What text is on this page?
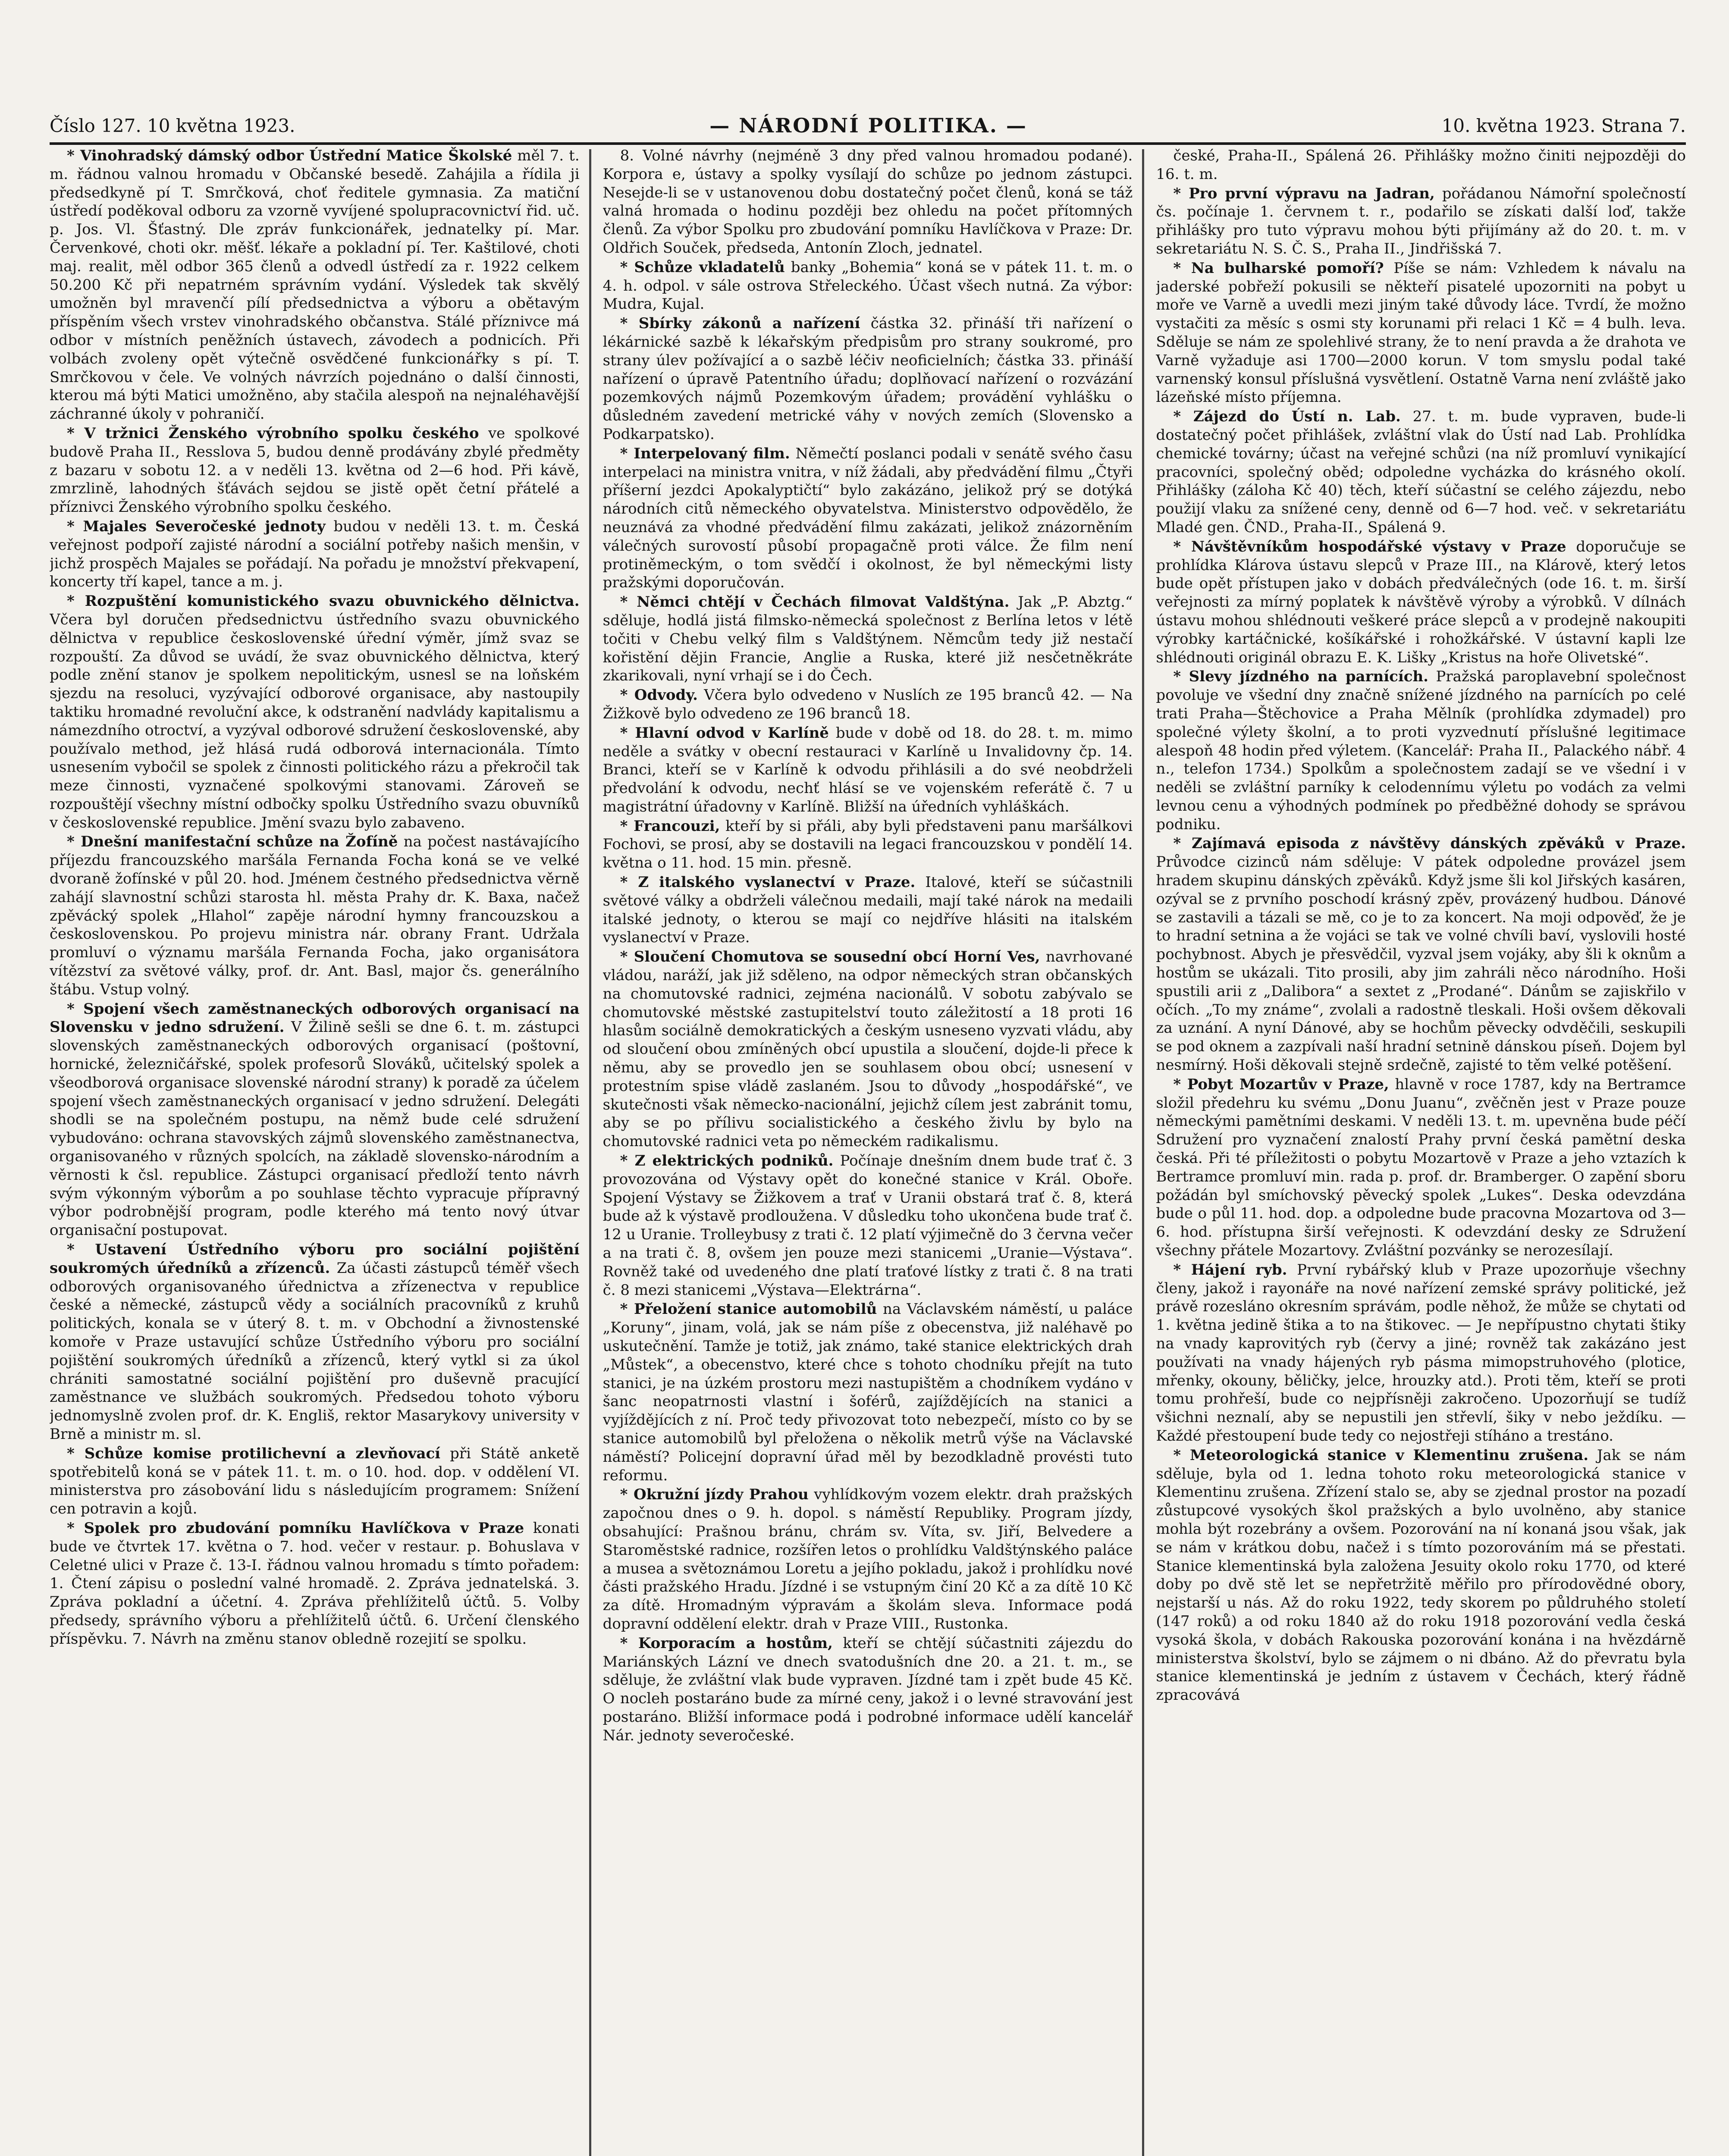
Číslo 127. 10 května 1923.	— NÁRODNÍ POLITIKA. —	10. května 1923. Strana 7.

* Vinohradský dámský odbor Ústřední Matice Školské měl 7. t. m. řádnou valnou hromadu v Občanské besedě. Zahájila a řídila ji předsedkyně pí T. Smrčková, choť ředitele gymnasia. Za matiční ústředí poděkoval odboru za vzorně vyvíjené spolupracovnictví řid. uč. p. Jos. Vl. Šťastný. Dle zpráv funkcionářek, jednatelky pí. Mar. Červenkové, choti okr. měšť. lékaře a pokladní pí. Ter. Kaštilové, choti maj. realit, měl odbor 365 členů a odvedl ústředí za r. 1922 celkem 50.200 Kč při nepatrném správním vydání. Výsledek tak skvělý umožněn byl mravenčí pílí předsednictva a výboru a obětavým příspěním všech vrstev vinohradského občanstva. Stálé příznivce má odbor v místních peněžních ústavech, závodech a podnicích. Při volbách zvoleny opět výtečně osvědčené funkcionářky s pí. T. Smrčkovou v čele. Ve volných návrzích pojednáno o další činnosti, kterou má býti Matici umožněno, aby stačila alespoň na nejnaléhavější záchranné úkoly v pohraničí.

* V tržnici Ženského výrobního spolku českého ve spolkové budově Praha II., Resslova 5, budou denně prodávány zbylé předměty z bazaru v sobotu 12. a v neděli 13. května od 2—6 hod. Při kávě, zmrzlině, lahodných šťávách sejdou se jistě opět četní přátelé a příznivci Ženského výrobního spolku českého.

* Majales Severočeské jednoty budou v neděli 13. t. m. Česká veřejnost podpoří zajisté národní a sociální potřeby našich menšin, v jichž prospěch Majales se pořádají. Na pořadu je množství překvapení, koncerty tří kapel, tance a m. j.

* Rozpuštění komunistického svazu obuvnického dělnictva. Včera byl doručen předsednictvu ústředního svazu obuvnického dělnictva v republice československé úřední výměr, jímž svaz se rozpouští. Za důvod se uvádí, že svaz obuvnického dělnictva, který podle znění stanov je spolkem nepolitickým, usnesl se na loňském sjezdu na resoluci, vyzývající odborové organisace, aby nastoupily taktiku hromadné revoluční akce, k odstranění nadvlády kapitalismu a námezdního otroctví, a vyzýval odborové sdružení československé, aby používalo method, jež hlásá rudá odborová internacionála. Tímto usnesením vybočil se spolek z činnosti politického rázu a překročil tak meze činnosti, vyznačené spolkovými stanovami. Zároveň se rozpouštějí všechny místní odbočky spolku Ústředního svazu obuvníků v československé republice. Jmění svazu bylo zabaveno.

* Dnešní manifestační schůze na Žofíně na počest nastávajícího příjezdu francouzského maršála Fernanda Focha koná se ve velké dvoraně žofínské v půl 20. hod. Jménem čestného předsednictva věrně zahájí slavnostní schůzi starosta hl. města Prahy dr. K. Baxa, načež zpěvácký spolek „Hlahol“ zapěje národní hymny francouzskou a československou. Po projevu ministra nár. obrany Frant. Udržala promluví o významu maršála Fernanda Focha, jako organisátora vítězství za světové války, prof. dr. Ant. Basl, major čs. generálního štábu. Vstup volný.

* Spojení všech zaměstnaneckých odborových organisací na Slovensku v jedno sdružení. V Žilině sešli se dne 6. t. m. zástupci slovenských zaměstnaneckých odborových organisací (poštovní, hornické, železničářské, spolek profesorů Slováků, učitelský spolek a všeodborová organisace slovenské národní strany) k poradě za účelem spojení všech zaměstnaneckých organisací v jedno sdružení. Delegáti shodli se na společném postupu, na němž bude celé sdružení vybudováno: ochrana stavovských zájmů slovenského zaměstnanectva, organisovaného v různých spolcích, na základě slovensko-národním a věrnosti k čsl. republice. Zástupci organisací předloží tento návrh svým výkonným výborům a po souhlase těchto vypracuje přípravný výbor podrobnější program, podle kterého má tento nový útvar organisační postupovat.

* Ustavení Ústředního výboru pro sociální pojištění soukromých úředníků a zřízenců. Za účasti zástupců téměř všech odborových organisovaného úřednictva a zřízenectva v republice české a německé, zástupců vědy a sociálních pracovníků z kruhů politických, konala se v úterý 8. t. m. v Obchodní a živnostenské komoře v Praze ustavující schůze Ústředního výboru pro sociální pojištění soukromých úředníků a zřízenců, který vytkl si za úkol chrániti samostatné sociální pojištění pro duševně pracující zaměstnance ve službách soukromých. Předsedou tohoto výboru jednomyslně zvolen prof. dr. K. Engliš, rektor Masarykovy university v Brně a ministr m. sl.

* Schůze komise protilichevní a zlevňovací při Státě anketě spotřebitelů koná se v pátek 11. t. m. o 10. hod. dop. v oddělení VI. ministerstva pro zásobování lidu s následujícím programem: Snížení cen potravin a kojů.

* Spolek pro zbudování pomníku Havlíčkova v Praze konati bude ve čtvrtek 17. května o 7. hod. večer v restaur. p. Bohuslava v Celetné ulici v Praze č. 13-I. řádnou valnou hromadu s tímto pořadem: 1. Čtení zápisu o poslední valné hromadě. 2. Zpráva jednatelská. 3. Zpráva pokladní a účetní. 4. Zpráva přehlížitelů účtů. 5. Volby předsedy, správního výboru a přehlížitelů účtů. 6. Určení členského příspěvku. 7. Návrh na změnu stanov obledně rozejití se spolku.

8. Volné návrhy (nejméně 3 dny před valnou hromadou podané). Korpora e, ústavy a spolky vysílají do schůze po jednom zástupci. Nesejde-li se v ustanovenou dobu dostatečný počet členů, koná se táž valná hromada o hodinu později bez ohledu na počet přítomných členů. Za výbor Spolku pro zbudování pomníku Havlíčkova v Praze: Dr. Oldřich Souček, předseda, Antonín Zloch, jednatel.

* Schůze vkladatelů banky „Bohemia“ koná se v pátek 11. t. m. o 4. h. odpol. v sále ostrova Střeleckého. Účast všech nutná. Za výbor: Mudra, Kujal.

* Sbírky zákonů a nařízení částka 32. přináší tři nařízení o lékárnické sazbě k lékařským předpisům pro strany soukromé, pro strany úlev požívající a o sazbě léčiv neoficielních; částka 33. přináší nařízení o úpravě Patentního úřadu; doplňovací nařízení o rozvázání pozemkových nájmů Pozemkovým úřadem; provádění vyhlášku o důsledném zavedení metrické váhy v nových zemích (Slovensko a Podkarpatsko).

* Interpelovaný film. Němečtí poslanci podali v senátě svého času interpelaci na ministra vnitra, v níž žádali, aby předvádění filmu „Čtyři příšerní jezdci Apokalyptičtí“ bylo zakázáno, jelikož prý se dotýká národních citů německého obyvatelstva. Ministerstvo odpovědělo, že neuznává za vhodné předvádění filmu zakázati, jelikož znázorněním válečných surovostí působí propagačně proti válce. Že film není protiněmeckým, o tom svědčí i okolnost, že byl německými listy pražskými doporučován.

* Němci chtějí v Čechách filmovat Valdštýna. Jak „P. Abztg.“ sděluje, hodlá jistá filmsko-německá společnost z Berlína letos v létě točiti v Chebu velký film s Valdštýnem. Němcům tedy již nestačí kořistění dějin Francie, Anglie a Ruska, které již nesčetněkráte zkarikovali, nyní vrhají se i do Čech.

* Odvody. Včera bylo odvedeno v Nuslích ze 195 branců 42. — Na Žižkově bylo odvedeno ze 196 branců 18.

* Hlavní odvod v Karlíně bude v době od 18. do 28. t. m. mimo neděle a svátky v obecní restauraci v Karlíně u Invalidovny čp. 14. Branci, kteří se v Karlíně k odvodu přihlásili a do své neobdrželi předvolání k odvodu, nechť hlásí se ve vojenském referátě č. 7 u magistrátní úřadovny v Karlíně. Bližší na úředních vyhláškách.

* Francouzi, kteří by si přáli, aby byli představeni panu maršálkovi Fochovi, se prosí, aby se dostavili na legaci francouzskou v pondělí 14. května o 11. hod. 15 min. přesně.

* Z italského vyslanectví v Praze. Italové, kteří se súčastnili světové války a obdrželi válečnou medaili, mají také nárok na medaili italské jednoty, o kterou se mají co nejdříve hlásiti na italském vyslanectví v Praze.

* Sloučení Chomutova se sousední obcí Horní Ves, navrhované vládou, naráží, jak již sděleno, na odpor německých stran občanských na chomutovské radnici, zejména nacionálů. V sobotu zabývalo se chomutovské městské zastupitelství touto záležitostí a 18 proti 16 hlasům sociálně demokratických a českým usneseno vyzvati vládu, aby od sloučení obou zmíněných obcí upustila a sloučení, dojde-li přece k němu, aby se provedlo jen se souhlasem obou obcí; usnesení v protestním spise vládě zaslaném. Jsou to důvody „hospodářské“, ve skutečnosti však německo-nacionální, jejichž cílem jest zabránit tomu, aby se po přílivu socialistického a českého živlu by bylo na chomutovské radnici veta po německém radikalismu.

* Z elektrických podniků. Počínaje dnešním dnem bude trať č. 3 provozována od Výstavy opět do konečné stanice v Král. Oboře. Spojení Výstavy se Žižkovem a trať v Uranii obstará trať č. 8, která bude až k výstavě prodloužena. V důsledku toho ukončena bude trať č. 12 u Uranie. Trolleybusy z trati č. 12 platí výjimečně do 3 června večer a na trati č. 8, ovšem jen pouze mezi stanicemi „Uranie—Výstava“. Rovněž také od uvedeného dne platí traťové lístky z trati č. 8 na trati č. 8 mezi stanicemi „Výstava—Elektrárna“.

* Přeložení stanice automobilů na Václavském náměstí, u paláce „Koruny“, jinam, volá, jak se nám píše z obecenstva, již naléhavě po uskutečnění. Tamže je totiž, jak známo, také stanice elektrických drah „Můstek“, a obecenstvo, které chce s tohoto chodníku přejít na tuto stanici, je na úzkém prostoru mezi nastupištěm a chodníkem vydáno v šanc neopatrnosti vlastní i šoférů, zajíždějících na stanici a vyjíždějících z ní. Proč tedy přivozovat toto nebezpečí, místo co by se stanice automobilů byl přeložena o několik metrů výše na Václavské náměstí? Policejní dopravní úřad měl by bezodkladně provésti tuto reformu.

* Okružní jízdy Prahou vyhlídkovým vozem elektr. drah pražských započnou dnes o 9. h. dopol. s náměstí Republiky. Program jízdy, obsahující: Prašnou bránu, chrám sv. Víta, sv. Jiří, Belvedere a Staroměstské radnice, rozšířen letos o prohlídku Valdštýnského paláce a musea a světoznámou Loretu a jejího pokladu, jakož i prohlídku nové části pražského Hradu. Jízdné i se vstupným činí 20 Kč a za dítě 10 Kč za dítě. Hromadným výpravám a školám sleva. Informace podá dopravní oddělení elektr. drah v Praze VIII., Rustonka.

* Korporacím a hostům, kteří se chtějí súčastniti zájezdu do Mariánských Lázní ve dnech svatodušních dne 20. a 21. t. m., se sděluje, že zvláštní vlak bude vypraven. Jízdné tam i zpět bude 45 Kč. O nocleh postaráno bude za mírné ceny, jakož i o levné stravování jest postaráno. Bližší informace podá i podrobné informace udělí kancelář Nár. jednoty severočeské.

české, Praha-II., Spálená 26. Přihlášky možno činiti nejpozději do 16. t. m.

* Pro první výpravu na Jadran, pořádanou Námořní společností čs. počínaje 1. červnem t. r., podařilo se získati další loď, takže přihlášky pro tuto výpravu mohou býti přijímány až do 20. t. m. v sekretariátu N. S. Č. S., Praha II., Jindřišská 7.

* Na bulharské pomoří? Píše se nám: Vzhledem k návalu na jaderské pobřeží pokusili se někteří pisatelé upozorniti na pobyt u moře ve Varně a uvedli mezi jiným také důvody láce. Tvrdí, že možno vystačiti za měsíc s osmi sty korunami při relaci 1 Kč = 4 bulh. leva. Sděluje se nám ze spolehlivé strany, že to není pravda a že drahota ve Varně vyžaduje asi 1700—2000 korun. V tom smyslu podal také varnenský konsul příslušná vysvětlení. Ostatně Varna není zvláště jako lázeňské místo příjemna.

* Zájezd do Ústí n. Lab. 27. t. m. bude vypraven, bude-li dostatečný počet přihlášek, zvláštní vlak do Ústí nad Lab. Prohlídka chemické továrny; účast na veřejné schůzi (na níž promluví vynikající pracovníci, společný oběd; odpoledne vycházka do krásného okolí. Přihlášky (záloha Kč 40) těch, kteří súčastní se celého zájezdu, nebo použijí vlaku za snížené ceny, denně od 6—7 hod. več. v sekretariátu Mladé gen. ČND., Praha-II., Spálená 9.

* Návštěvníkům hospodářské výstavy v Praze doporučuje se prohlídka Klárova ústavu slepců v Praze III., na Klárově, který letos bude opět přístupen jako v dobách předválečných (ode 16. t. m. širší veřejnosti za mírný poplatek k návštěvě výroby a výrobků. V dílnách ústavu mohou shlédnouti veškeré práce slepců a v prodejně nakoupiti výrobky kartáčnické, košíkářské i rohožkářské. V ústavní kapli lze shlédnouti originál obrazu E. K. Lišky „Kristus na hoře Olivetské“.

* Slevy jízdného na parnících. Pražská paroplavební společnost povoluje ve všední dny značně snížené jízdného na parnících po celé trati Praha—Štěchovice a Praha Mělník (prohlídka zdymadel) pro společné výlety školní, a to proti vyzvednutí příslušné legitimace alespoň 48 hodin před výletem. (Kancelář: Praha II., Palackého nábř. 4 n., telefon 1734.) Spolkům a společnostem zadají se ve všední i v neděli se zvláštní parníky k celodennímu výletu po vodách za velmi levnou cenu a výhodných podmínek po předběžné dohody se správou podniku.

* Zajímavá episoda z návštěvy dánských zpěváků v Praze. Průvodce cizinců nám sděluje: V pátek odpoledne provázel jsem hradem skupinu dánských zpěváků. Když jsme šli kol Jiřských kasáren, ozýval se z prvního poschodí krásný zpěv, provázený hudbou. Dánové se zastavili a tázali se mě, co je to za koncert. Na moji odpověď, že je to hradní setnina a že vojáci se tak ve volné chvíli baví, vyslovili hosté pochybnost. Abych je přesvědčil, vyzval jsem vojáky, aby šli k oknům a hostům se ukázali. Tito prosili, aby jim zahráli něco národního. Hoši spustili arii z „Dalibora“ a sextet z „Prodané“. Dánům se zajiskřilo v očích. „To my známe“, zvolali a radostně tleskali. Hoši ovšem děkovali za uznání. A nyní Dánové, aby se hochům pěvecky odvděčili, seskupili se pod oknem a zazpívali naší hradní setnině dánskou píseň. Dojem byl nesmírný. Hoši děkovali stejně srdečně, zajisté to těm velké potěšení.

* Pobyt Mozartův v Praze, hlavně v roce 1787, kdy na Bertramce složil předehru ku svému „Donu Juanu“, zvěčněn jest v Praze pouze německými pamětními deskami. V neděli 13. t. m. upevněna bude péčí Sdružení pro vyznačení znalostí Prahy první česká pamětní deska česká. Při té příležitosti o pobytu Mozartově v Praze a jeho vztazích k Bertramce promluví min. rada p. prof. dr. Bramberger. O zapění sboru požádán byl smíchovský pěvecký spolek „Lukes“. Deska odevzdána bude o půl 11. hod. dop. a odpoledne bude pracovna Mozartova od 3—6. hod. přístupna širší veřejnosti. K odevzdání desky ze Sdružení všechny přátele Mozartovy. Zvláštní pozvánky se nerozesílají.

* Hájení ryb. První rybářský klub v Praze upozorňuje všechny členy, jakož i rayonáře na nové nařízení zemské správy politické, jež právě rozesláno okresním správám, podle něhož, že může se chytati od 1. května jedině štika a to na štikovec. — Je nepřípustno chytati štiky na vnady kaprovitých ryb (červy a jiné; rovněž tak zakázáno jest používati na vnady hájených ryb pásma mimopstruhového (plotice, mřenky, okouny, běličky, jelce, hrouzky atd.). Proti těm, kteří se proti tomu prohřeší, bude co nejpřísněji zakročeno. Upozorňují se tudíž všichni neznalí, aby se nepustili jen střevlí, šiky v nebo ježdíku. — Každé přestoupení bude tedy co nejostřeji stíháno a trestáno.

* Meteorologická stanice v Klementinu zrušena. Jak se nám sděluje, byla od 1. ledna tohoto roku meteorologická stanice v Klementinu zrušena. Zřízení stalo se, aby se zjednal prostor na pozadí zůstupcové vysokých škol pražských a bylo uvolněno, aby stanice mohla být rozebrány a ovšem. Pozorování na ní konaná jsou však, jak se nám v krátkou dobu, načež i s tímto pozorováním má se přestati. Stanice klementinská byla založena Jesuity okolo roku 1770, od které doby po dvě stě let se nepřetržitě měřilo pro přírodovědné obory, nejstarší u nás. Až do roku 1922, tedy skorem po půldruhého století (147 roků) a od roku 1840 až do roku 1918 pozorování vedla česká vysoká škola, v dobách Rakouska pozorování konána i na hvězdárně ministerstva školství, bylo se zájmem o ni dbáno. Až do převratu byla stanice klementinská je jedním z ústavem v Čechách, který řádně zpracovává
